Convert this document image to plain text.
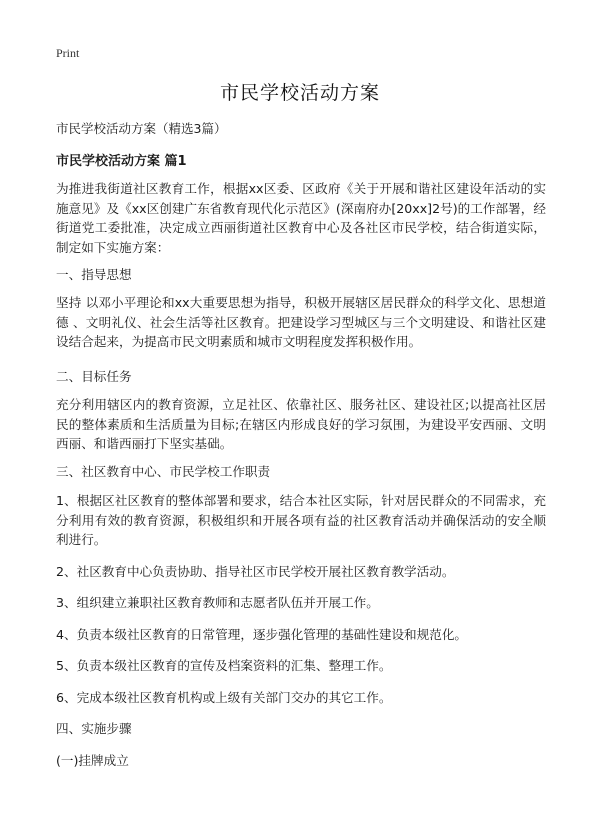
Print
市民学校活动方案

市民学校活动方案（精选3篇）

市民学校活动方案 篇1

为推进我街道社区教育工作，根据xx区委、区政府《关于开展和谐社区建设年活动的实施意见》及《xx区创建广东省教育现代化示范区》(深南府办[20xx]2号)的工作部署，经街道党工委批准，决定成立西丽街道社区教育中心及各社区市民学校，结合街道实际，制定如下实施方案：

一、指导思想

坚持 以邓小平理论和xx大重要思想为指导，积极开展辖区居民群众的科学文化、思想道德 、文明礼仪、社会生活等社区教育。把建设学习型城区与三个文明建设、和谐社区建设结合起来，为提高市民文明素质和城市文明程度发挥积极作用。

二、目标任务

充分利用辖区内的教育资源，立足社区、依靠社区、服务社区、建设社区;以提高社区居民的整体素质和生活质量为目标;在辖区内形成良好的学习氛围，为建设平安西丽、文明西丽、和谐西丽打下坚实基础。

三、社区教育中心、市民学校工作职责

1、根据区社区教育的整体部署和要求，结合本社区实际，针对居民群众的不同需求，充分利用有效的教育资源，积极组织和开展各项有益的社区教育活动并确保活动的安全顺利进行。

2、社区教育中心负责协助、指导社区市民学校开展社区教育教学活动。

3、组织建立兼职社区教育教师和志愿者队伍并开展工作。

4、负责本级社区教育的日常管理，逐步强化管理的基础性建设和规范化。

5、负责本级社区教育的宣传及档案资料的汇集、整理工作。

6、完成本级社区教育机构或上级有关部门交办的其它工作。

四、实施步骤

(一)挂牌成立
